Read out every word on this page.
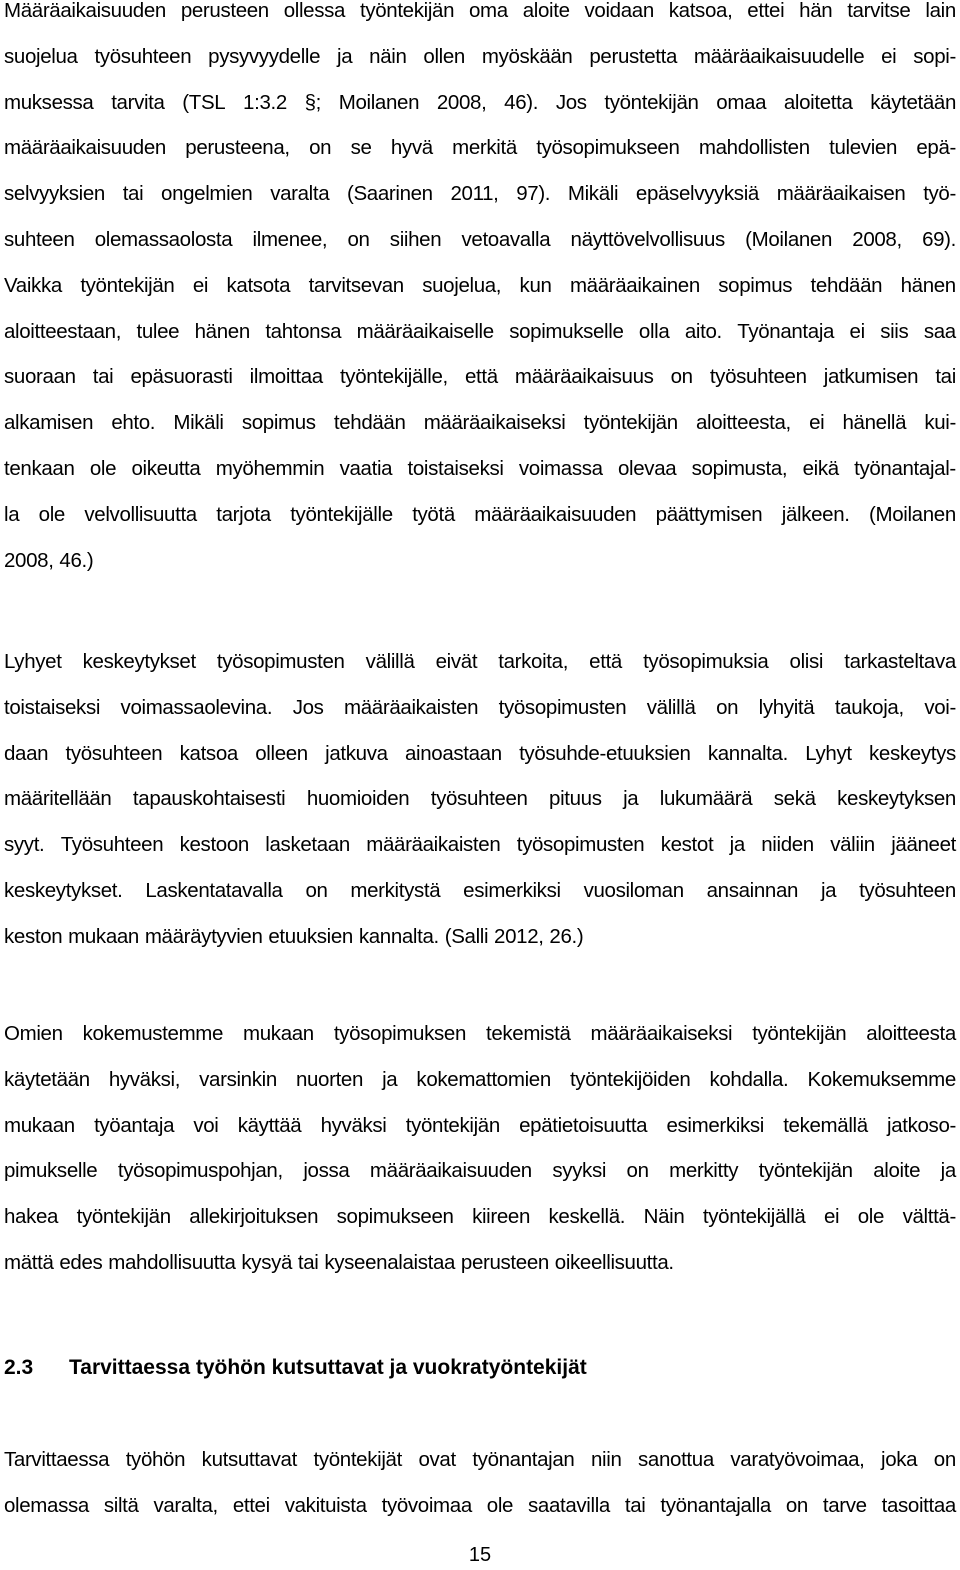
Määräaikaisuuden perusteen ollessa työntekijän oma aloite voidaan katsoa, ettei hän tarvitse lain
suojelua työsuhteen pysyvyydelle ja näin ollen myöskään perustetta määräaikaisuudelle ei sopi-
muksessa tarvita (TSL 1:3.2 §; Moilanen 2008, 46). Jos työntekijän omaa aloitetta käytetään
määräaikaisuuden perusteena, on se hyvä merkitä työsopimukseen mahdollisten tulevien epä-
selvyyksien tai ongelmien varalta (Saarinen 2011, 97). Mikäli epäselvyyksiä määräaikaisen työ-
suhteen olemassaolosta ilmenee, on siihen vetoavalla näyttövelvollisuus (Moilanen 2008, 69).
Vaikka työntekijän ei katsota tarvitsevan suojelua, kun määräaikainen sopimus tehdään hänen
aloitteestaan, tulee hänen tahtonsa määräaikaiselle sopimukselle olla aito. Työnantaja ei siis saa
suoraan tai epäsuorasti ilmoittaa työntekijälle, että määräaikaisuus on työsuhteen jatkumisen tai
alkamisen ehto. Mikäli sopimus tehdään määräaikaiseksi työntekijän aloitteesta, ei hänellä kui-
tenkaan ole oikeutta myöhemmin vaatia toistaiseksi voimassa olevaa sopimusta, eikä työnantajal-
la ole velvollisuutta tarjota työntekijälle työtä määräaikaisuuden päättymisen jälkeen. (Moilanen
2008, 46.)
Lyhyet keskeytykset työsopimusten välillä eivät tarkoita, että työsopimuksia olisi tarkasteltava
toistaiseksi voimassaolevina. Jos määräaikaisten työsopimusten välillä on lyhyitä taukoja, voi-
daan työsuhteen katsoa olleen jatkuva ainoastaan työsuhde-etuuksien kannalta. Lyhyt keskeytys
määritellään tapauskohtaisesti huomioiden työsuhteen pituus ja lukumäärä sekä keskeytyksen
syyt. Työsuhteen kestoon lasketaan määräaikaisten työsopimusten kestot ja niiden väliin jääneet
keskeytykset. Laskentatavalla on merkitystä esimerkiksi vuosiloman ansainnan ja työsuhteen
keston mukaan määräytyvien etuuksien kannalta. (Salli 2012, 26.)
Omien kokemustemme mukaan työsopimuksen tekemistä määräaikaiseksi työntekijän aloitteesta
käytetään hyväksi, varsinkin nuorten ja kokemattomien työntekijöiden kohdalla. Kokemuksemme
mukaan työantaja voi käyttää hyväksi työntekijän epätietoisuutta esimerkiksi tekemällä jatkoso-
pimukselle työsopimuspohjan, jossa määräaikaisuuden syyksi on merkitty työntekijän aloite ja
hakea työntekijän allekirjoituksen sopimukseen kiireen keskellä. Näin työntekijällä ei ole välttä-
mättä edes mahdollisuutta kysyä tai kyseenalaistaa perusteen oikeellisuutta.
2.3 Tarvittaessa työhön kutsuttavat ja vuokratyöntekijät
Tarvittaessa työhön kutsuttavat työntekijät ovat työnantajan niin sanottua varatyövoimaa, joka on
olemassa siltä varalta, ettei vakituista työvoimaa ole saatavilla tai työnantajalla on tarve tasoittaa
15
